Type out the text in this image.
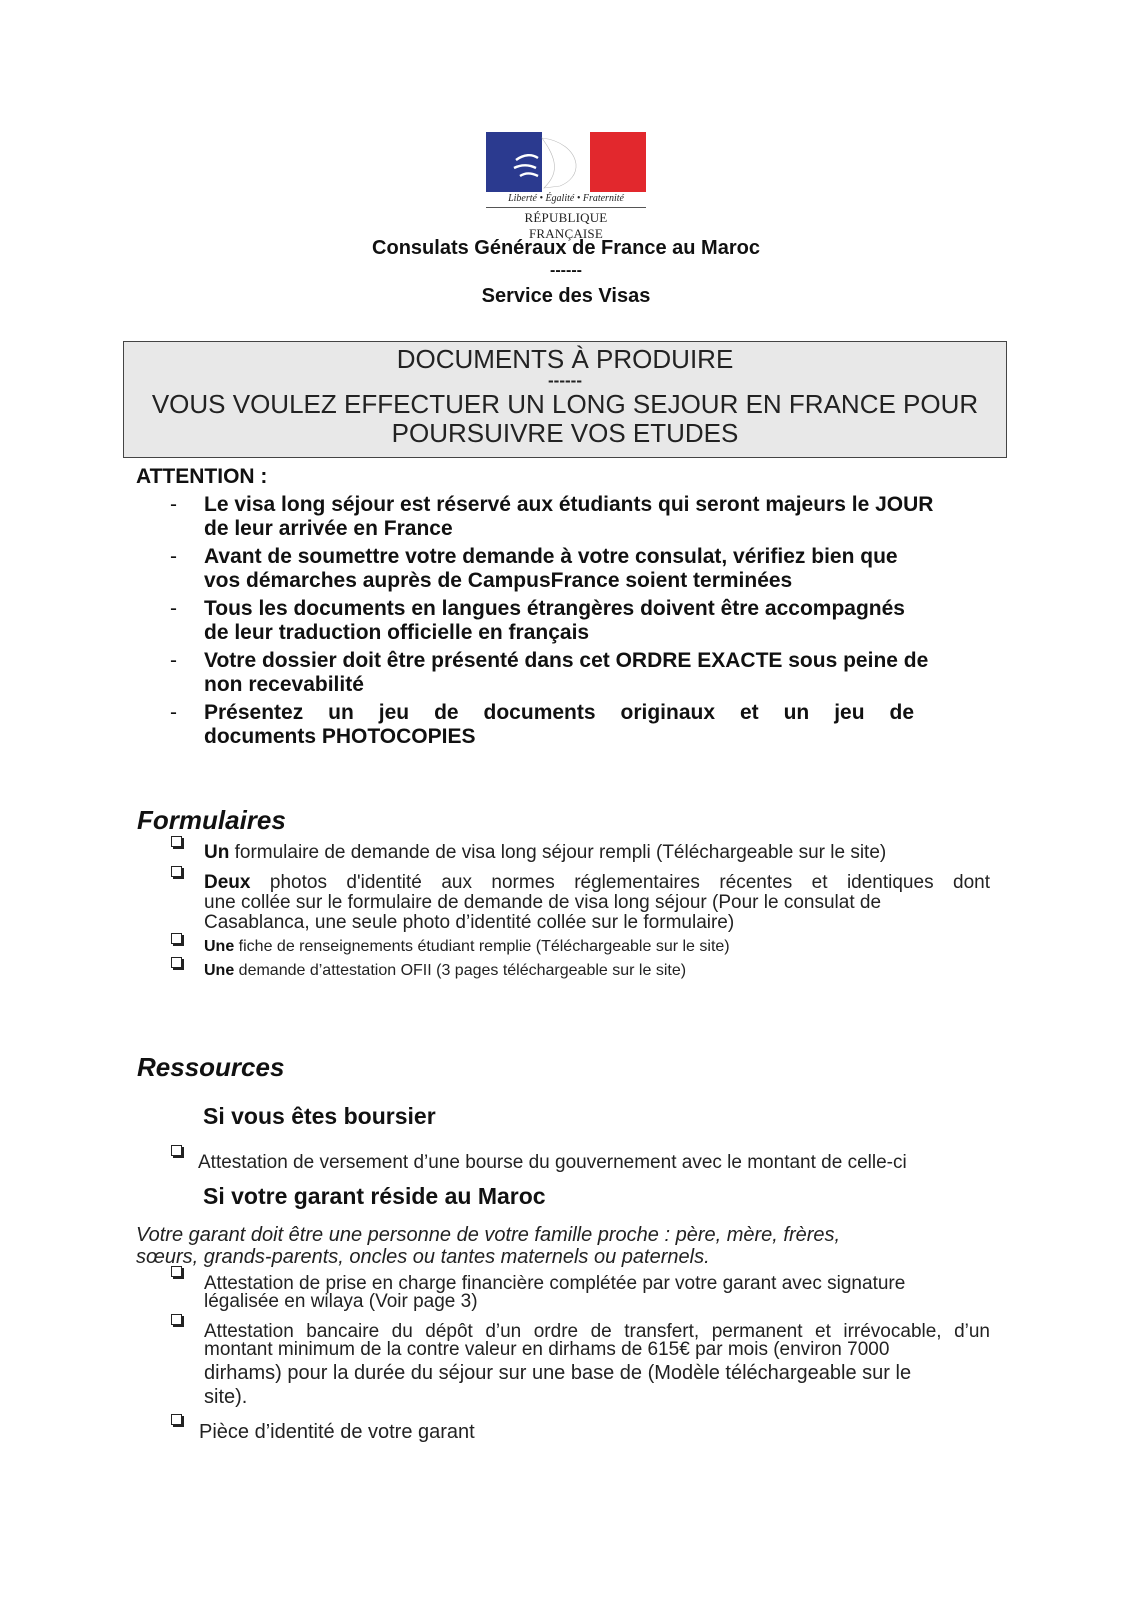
Liberté • Égalité • Fraternité
RÉPUBLIQUE FRANÇAISE
Consulats Généraux de France au Maroc
------
Service des Visas
DOCUMENTS À PRODUIRE
------
VOUS VOULEZ EFFECTUER UN LONG SEJOUR EN FRANCE POUR
POURSUIVRE VOS ETUDES
ATTENTION :
- Le visa long séjour est réservé aux étudiants qui seront majeurs le JOUR
de leur arrivée en France
- Avant de soumettre votre demande à votre consulat, vérifiez bien que
vos démarches auprès de CampusFrance soient terminées
- Tous les documents en langues étrangères doivent être accompagnés
de leur traduction officielle en français
- Votre dossier doit être présenté dans cet ORDRE EXACTE sous peine de
non recevabilité
- Présentez un jeu de documents originaux et un jeu de
documents PHOTOCOPIES
Formulaires
Un formulaire de demande de visa long séjour rempli (Téléchargeable sur le site)
Deux photos d'identité aux normes réglementaires récentes et identiques dont
une collée sur le formulaire de demande de visa long séjour (Pour le consulat de
Casablanca, une seule photo d’identité collée sur le formulaire)
Une fiche de renseignements étudiant remplie (Téléchargeable sur le site)
Une demande d’attestation OFII (3 pages téléchargeable sur le site)
Ressources
Si vous êtes boursier
Attestation de versement d’une bourse du gouvernement avec le montant de celle-ci
Si votre garant réside au Maroc
Votre garant doit être une personne de votre famille proche : père, mère, frères,
sœurs, grands-parents, oncles ou tantes maternels ou paternels.
Attestation de prise en charge financière complétée par votre garant avec signature
légalisée en wilaya (Voir page 3)
Attestation bancaire du dépôt d’un ordre de transfert, permanent et irrévocable, d’un
montant minimum de la contre valeur en dirhams de 615€ par mois (environ 7000
dirhams) pour la durée du séjour sur une base de (Modèle téléchargeable sur le
site).
Pièce d’identité de votre garant
